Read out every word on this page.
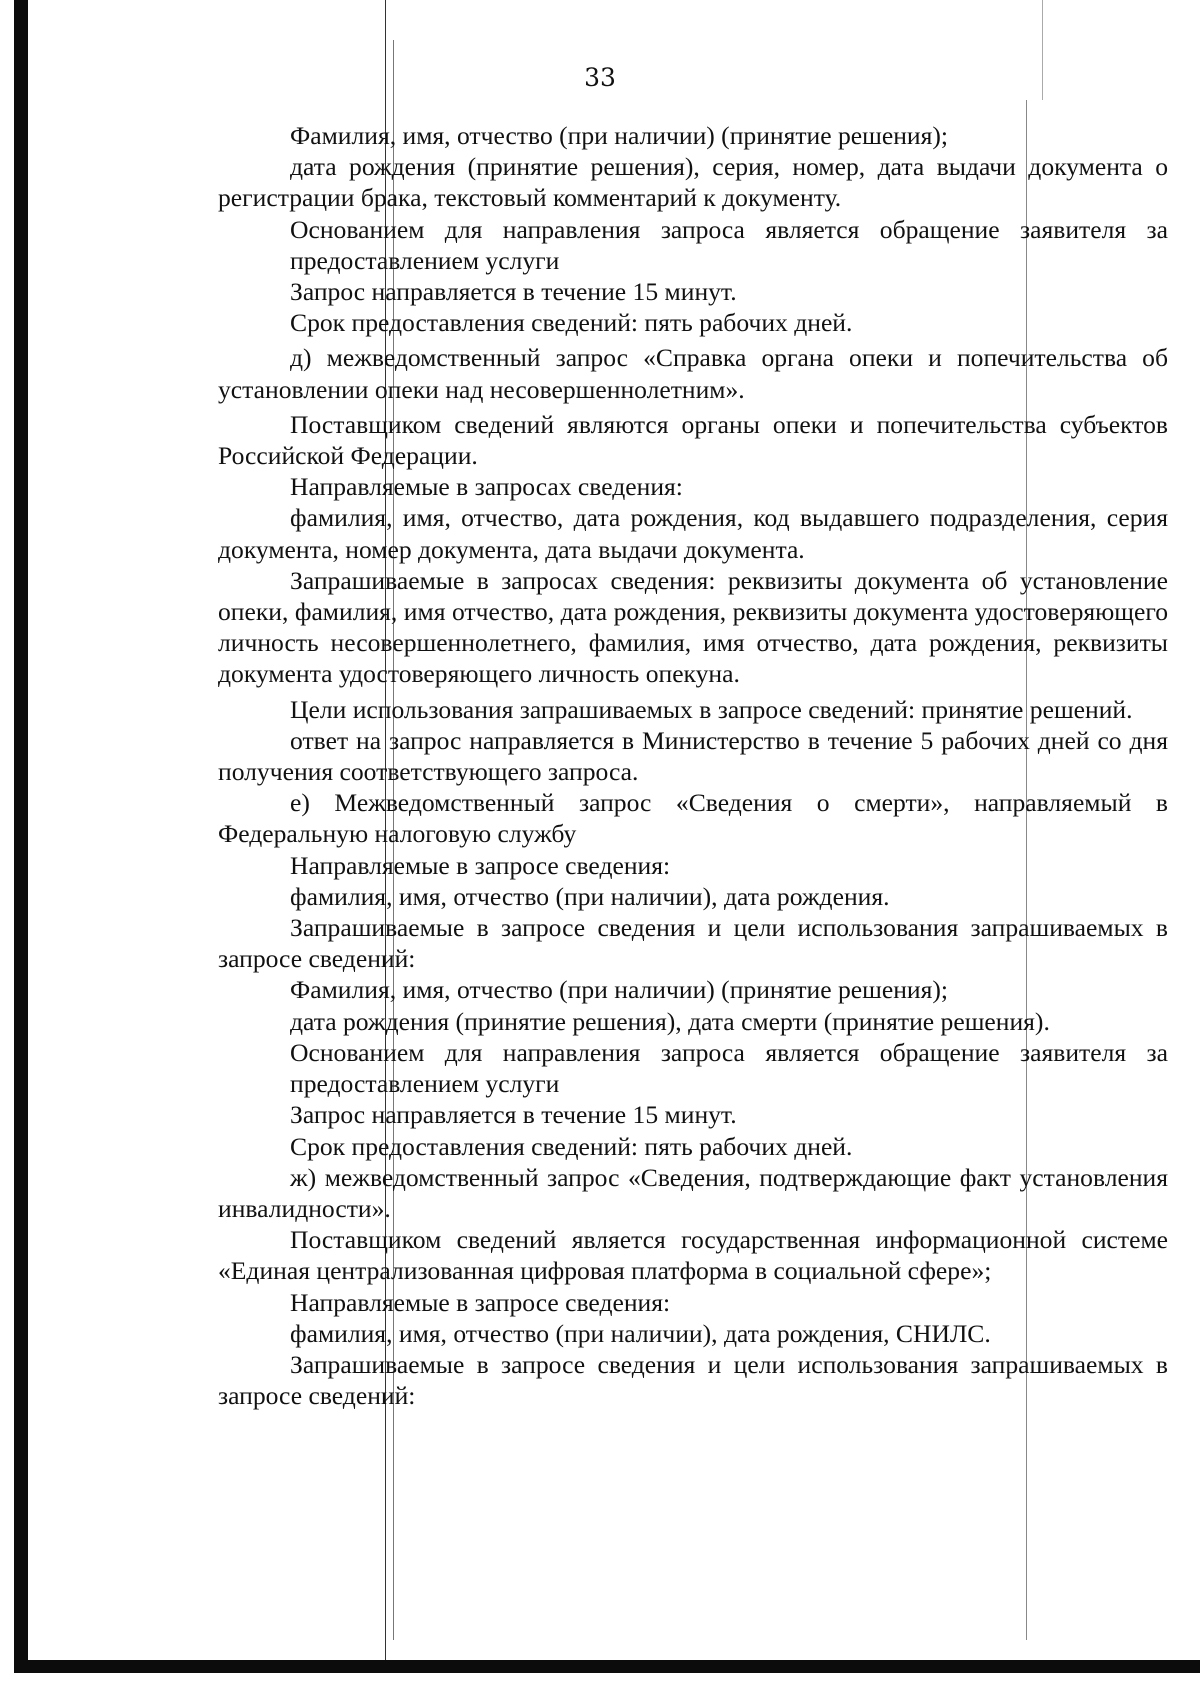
33

Фамилия, имя, отчество (при наличии) (принятие решения);

дата рождения (принятие решения), серия, номер, дата выдачи документа о регистрации брака, текстовый комментарий к документу.

Основанием для направления запроса является обращение заявителя за предоставлением услуги

Запрос направляется в течение 15 минут.

Срок предоставления сведений: пять рабочих дней.

д) межведомственный запрос «Справка органа опеки и попечительства об установлении опеки над несовершеннолетним».

Поставщиком сведений являются органы опеки и попечительства субъектов Российской Федерации.

Направляемые в запросах сведения:

фамилия, имя, отчество, дата рождения, код выдавшего подразделения, серия документа, номер документа, дата выдачи документа.

Запрашиваемые в запросах сведения: реквизиты документа об установление опеки, фамилия, имя отчество, дата рождения, реквизиты документа удостоверяющего личность несовершеннолетнего, фамилия, имя отчество, дата рождения, реквизиты документа удостоверяющего личность опекуна.

Цели использования запрашиваемых в запросе сведений: принятие решений.

ответ на запрос направляется в Министерство в течение 5 рабочих дней со дня получения соответствующего запроса.

е) Межведомственный запрос «Сведения о смерти», направляемый в Федеральную налоговую службу

Направляемые в запросе сведения:

фамилия, имя, отчество (при наличии), дата рождения.

Запрашиваемые в запросе сведения и цели использования запрашиваемых в запросе сведений:

Фамилия, имя, отчество (при наличии) (принятие решения);

дата рождения (принятие решения), дата смерти (принятие решения).

Основанием для направления запроса является обращение заявителя за предоставлением услуги

Запрос направляется в течение 15 минут.

Срок предоставления сведений: пять рабочих дней.

ж) межведомственный запрос «Сведения, подтверждающие факт установления инвалидности».

Поставщиком сведений является государственная информационной системе «Единая централизованная цифровая платформа в социальной сфере»;

Направляемые в запросе сведения:

фамилия, имя, отчество (при наличии), дата рождения, СНИЛС.

Запрашиваемые в запросе сведения и цели использования запрашиваемых в запросе сведений:
